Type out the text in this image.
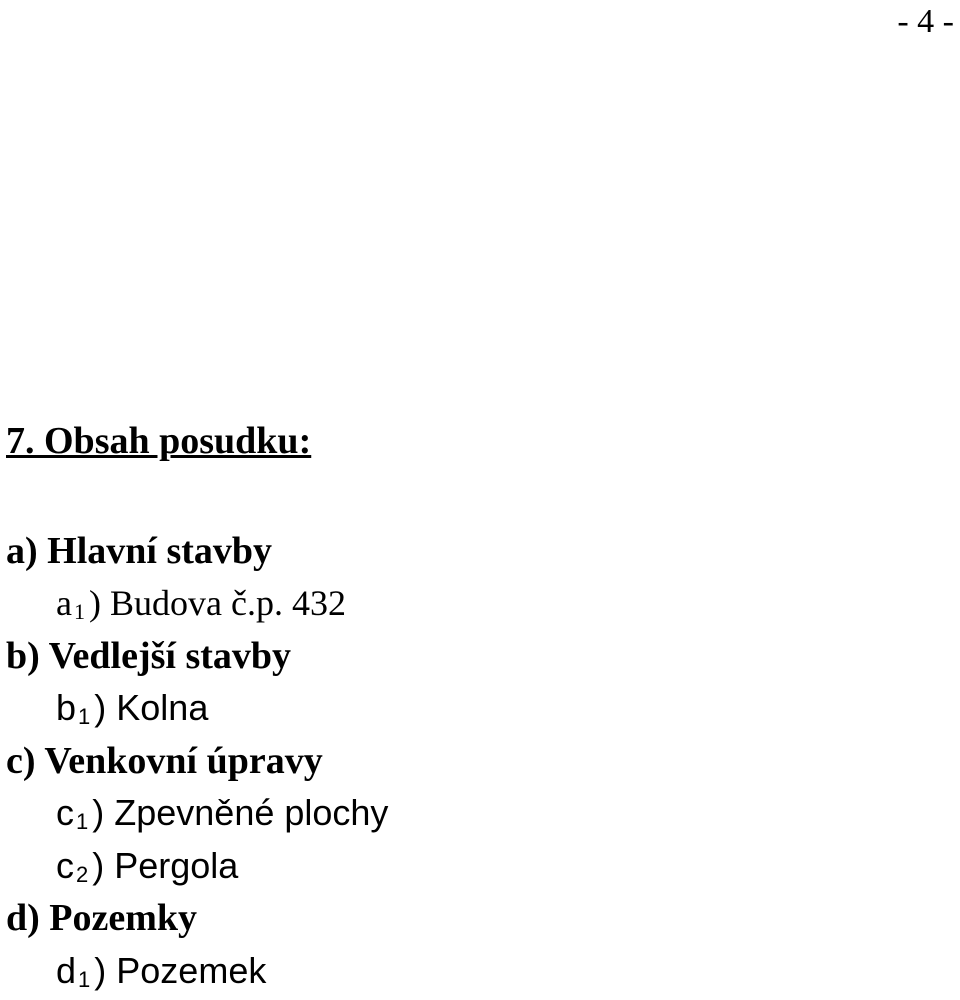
- 4 -
7. Obsah posudku:
a) Hlavní stavby
a 1 ) Budova č.p. 432
b) Vedlejší stavby
b 1 ) Kolna
c) Venkovní úpravy
c 1 ) Zpevněné plochy
c 2 ) Pergola
d) Pozemky
d 1 ) Pozemek
